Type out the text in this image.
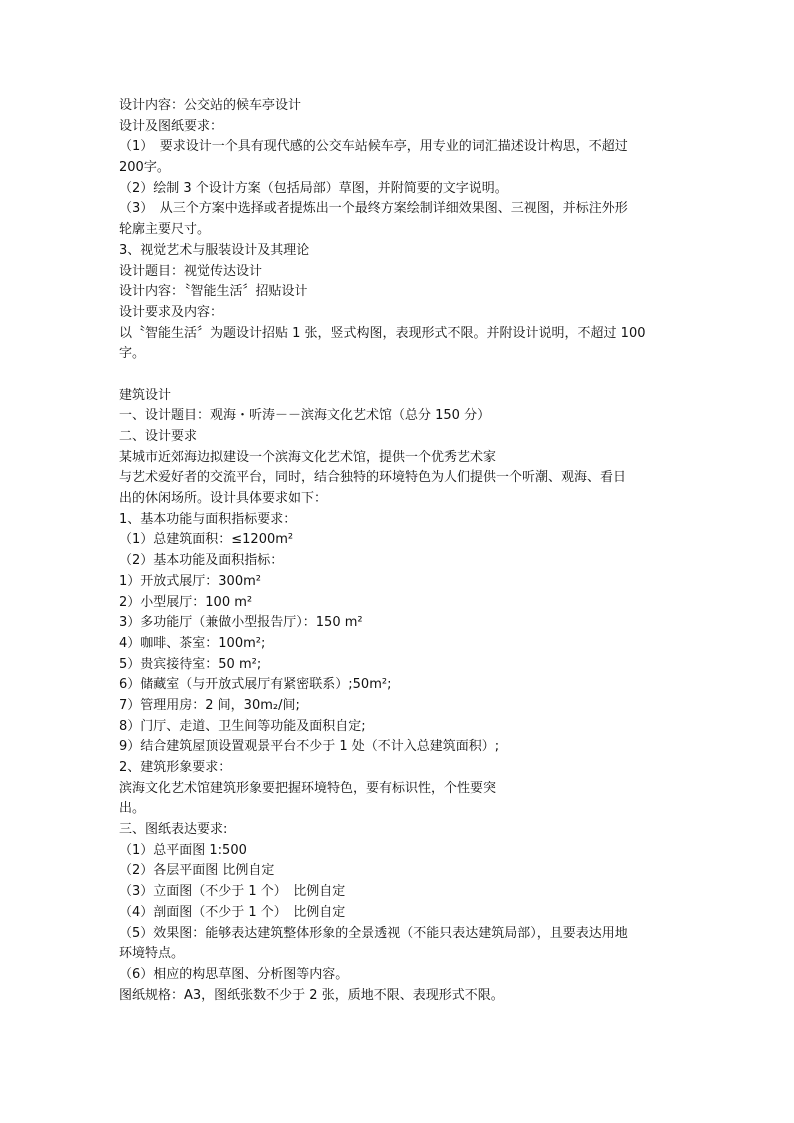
设计内容：公交站的候车亭设计
设计及图纸要求：
（1）　要求设计一个具有现代感的公交车站候车亭，用专业的词汇描述设计构思，不超过
200字。
（2）绘制 3 个设计方案（包括局部）草图，并附简要的文字说明。
（3）　从三个方案中选择或者提炼出一个最终方案绘制详细效果图、三视图，并标注外形
轮廓主要尺寸。
3、视觉艺术与服装设计及其理论
设计题目：视觉传达设计
设计内容：〝智能生活〞招贴设计
设计要求及内容：
以〝智能生活〞为题设计招贴 1 张，竖式构图，表现形式不限。并附设计说明，不超过 100
字。
建筑设计
一、设计题目：观海・听涛－－滨海文化艺术馆（总分 150 分）
二、设计要求
某城市近郊海边拟建设一个滨海文化艺术馆，提供一个优秀艺术家
与艺术爱好者的交流平台，同时，结合独特的环境特色为人们提供一个听潮、观海、看日
出的休闲场所。设计具体要求如下：
1、基本功能与面积指标要求：
（1）总建筑面积：≤1200m²
（2）基本功能及面积指标：
1）开放式展厅：300m²
2）小型展厅：100 m²
3）多功能厅（兼做小型报告厅）：150 m²
4）咖啡、茶室：100m²;
5）贵宾接待室：50 m²;
6）储藏室（与开放式展厅有紧密联系）;50m²;
7）管理用房：2 间，30m₂/间;
8）门厅、走道、卫生间等功能及面积自定;
9）结合建筑屋顶设置观景平台不少于 1 处（不计入总建筑面积）;
2、建筑形象要求：
滨海文化艺术馆建筑形象要把握环境特色，要有标识性，个性要突
出。
三、图纸表达要求:
（1）总平面图 1:500
（2）各层平面图 比例自定
（3）立面图（不少于 1 个）　比例自定
（4）剖面图（不少于 1 个）　比例自定
（5）效果图：能够表达建筑整体形象的全景透视（不能只表达建筑局部），且要表达用地
环境特点。
（6）相应的构思草图、分析图等内容。
图纸规格：A3，图纸张数不少于 2 张，质地不限、表现形式不限。
